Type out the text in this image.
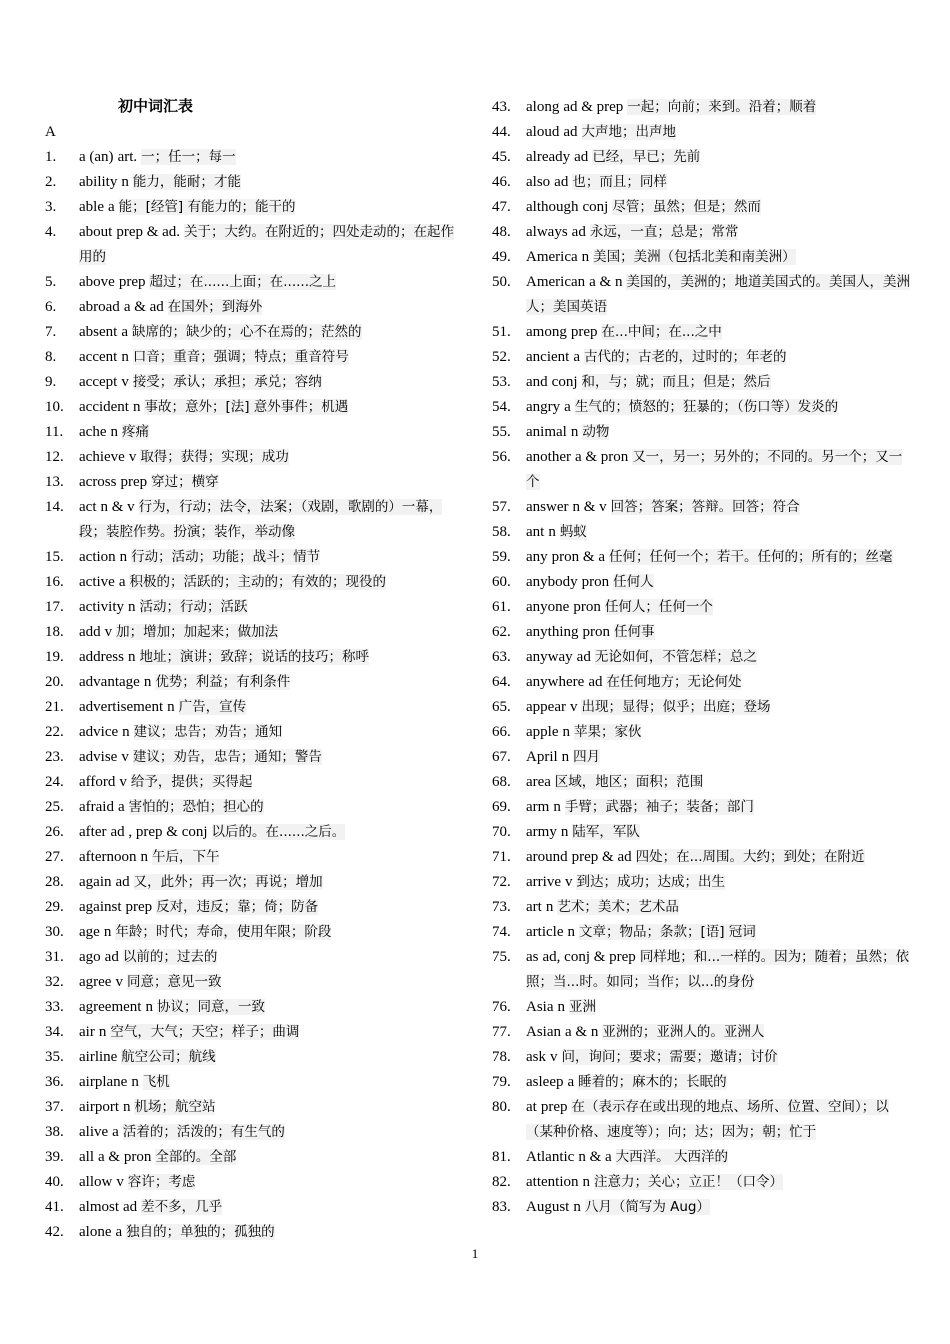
初中词汇表
A
1.	a (an) art. 一；任一；每一
2.	ability n 能力，能耐；才能
3.	able a 能；[经管] 有能力的；能干的
4.	about prep & ad. 关于；大约。在附近的；四处走动的；在起作用的
5.	above prep 超过；在......上面；在......之上
6.	abroad a & ad 在国外；到海外
7.	absent a 缺席的；缺少的；心不在焉的；茫然的
8.	accent n 口音；重音；强调；特点；重音符号
9.	accept v 接受；承认；承担；承兑；容纳
10.	accident n 事故；意外；[法] 意外事件；机遇
11.	ache n 疼痛
12.	achieve v 取得；获得；实现；成功
13.	across prep 穿过；横穿
14.	act n & v 行为，行动；法令，法案；（戏剧，歌剧的）一幕，段；装腔作势。扮演；装作，举动像
15.	action n 行动；活动；功能；战斗；情节
16.	active a 积极的；活跃的；主动的；有效的；现役的
17.	activity n 活动；行动；活跃
18.	add v 加；增加；加起来；做加法
19.	address n 地址；演讲；致辞；说话的技巧；称呼
20.	advantage n 优势；利益；有利条件
21.	advertisement n 广告，宣传
22.	advice n 建议；忠告；劝告；通知
23.	advise v 建议；劝告，忠告；通知；警告
24.	afford v 给予，提供；买得起
25.	afraid a 害怕的；恐怕；担心的
26.	after ad , prep & conj 以后的。在......之后。
27.	afternoon n 午后，下午
28.	again ad 又，此外；再一次；再说；增加
29.	against prep 反对，违反；靠；倚；防备
30.	age n 年龄；时代；寿命，使用年限；阶段
31.	ago ad 以前的；过去的
32.	agree v 同意；意见一致
33.	agreement n 协议；同意，一致
34.	air n 空气，大气；天空；样子；曲调
35.	airline 航空公司；航线
36.	airplane n 飞机
37.	airport n 机场；航空站
38.	alive a 活着的；活泼的；有生气的
39.	all a & pron 全部的。全部
40.	allow v 容许；考虑
41.	almost ad 差不多，几乎
42.	alone a 独自的；单独的；孤独的
43.	along ad & prep 一起；向前；来到。沿着；顺着
44.	aloud ad 大声地；出声地
45.	already ad 已经，早已；先前
46.	also ad 也；而且；同样
47.	although conj 尽管；虽然；但是；然而
48.	always ad 永远，一直；总是；常常
49.	America n 美国；美洲（包括北美和南美洲）
50.	American a & n 美国的，美洲的；地道美国式的。美国人，美洲人；美国英语
51.	among prep 在...中间；在...之中
52.	ancient a 古代的；古老的，过时的；年老的
53.	and conj 和，与；就；而且；但是；然后
54.	angry a 生气的；愤怒的；狂暴的；（伤口等）发炎的
55.	animal n 动物
56.	another a & pron 又一，另一；另外的；不同的。另一个；又一个
57.	answer n & v 回答；答案；答辩。回答；符合
58.	ant n 蚂蚁
59.	any pron & a 任何；任何一个；若干。任何的；所有的；丝毫
60.	anybody pron 任何人
61.	anyone pron 任何人；任何一个
62.	anything pron 任何事
63.	anyway ad 无论如何，不管怎样；总之
64.	anywhere ad 在任何地方；无论何处
65.	appear v 出现；显得；似乎；出庭；登场
66.	apple n 苹果；家伙
67.	April n 四月
68.	area 区域，地区；面积；范围
69.	arm n 手臂；武器；袖子；装备；部门
70.	army n 陆军，军队
71.	around prep & ad 四处；在...周围。大约；到处；在附近
72.	arrive v 到达；成功；达成；出生
73.	art n 艺术；美术；艺术品
74.	article n 文章；物品；条款；[语] 冠词
75.	as ad, conj & prep 同样地；和...一样的。因为；随着；虽然；依照；当...时。如同；当作；以...的身份
76.	Asia n 亚洲
77.	Asian a & n 亚洲的；亚洲人的。亚洲人
78.	ask v 问，询问；要求；需要；邀请；讨价
79.	asleep a 睡着的；麻木的；长眠的
80.	at prep 在（表示存在或出现的地点、场所、位置、空间）；以（某种价格、速度等）；向；达；因为；朝；忙于
81.	Atlantic n & a 大西洋。 大西洋的
82.	attention n 注意力；关心；立正！（口令）
83.	August n 八月（简写为 Aug）
1
